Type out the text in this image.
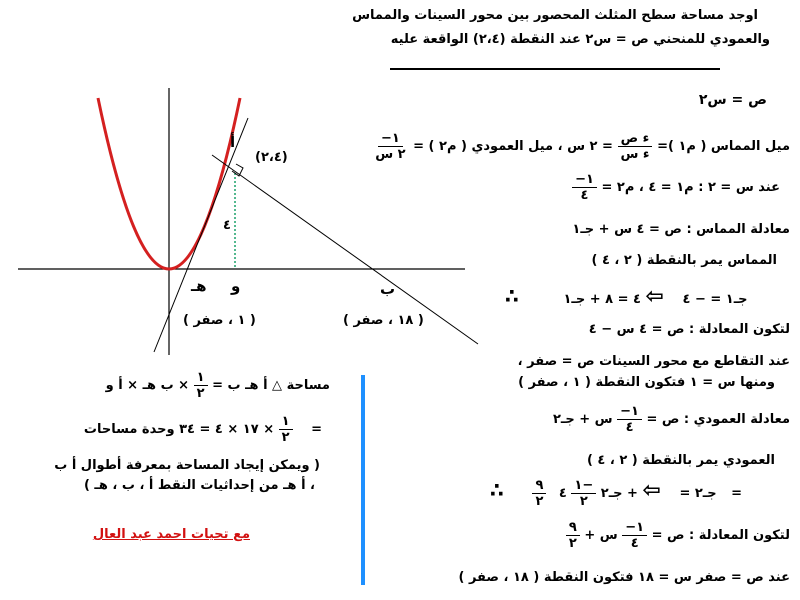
اوجد مساحة سطح المثلث المحصور بين محور السينات والمماس
والعمودي للمنحني ص = س٢ عند النقطة (٢،٤) الواقعة عليه
أ
(٢،٤)
٤
و
هـ	ب
( ١ ، صفر )	( ١٨ ، صفر )
ص = س٢
ميل المماس ( م١ )=
$\frac{\text{ء ص}}{\text{ء س}}$
= ٢ س ، ميل العمودي ( م٢ ) =
$\frac{١-}{\text{٢ س}}$
عند س = ٢ : م١ = ٤ ، م٢ =
$\frac{١-}{٤}$
معادلة المماس : ص = ٤ س + جـ١
المماس يمر بالنقطة ( ٢ ، ٤ )
∴	جـ١ = − ٤ ⇦ ٤ = ٨ + جـ١
لتكون المعادلة : ص = ٤ س − ٤
عند التقاطع مع محور السينات ص = صفر ،
ومنها س = ١ فتكون النقطة ( ١ ، صفر )
معادلة العمودي : ص =
$\frac{١-}{٤}$
س + جـ٢
العمودي يمر بالنقطة ( ٢ ، ٤ )
∴ $\frac{٩}{٢}$	جـ٢ = ⇦ + جـ٢
$\frac{١-}{٢}$
٤ =
لتكون المعادلة : ص =
$\frac{١-}{٤}$
س +
$\frac{٩}{٢}$
عند ص = صفر س = ١٨ فتكون النقطة ( ١٨ ، صفر )
مساحة △ أ هـ ب =
$\frac{١}{٢}$
× ب هـ × أ و
=
$\frac{١}{٢}$
× ١٧ × ٤ = ٣٤ وحدة مساحات
( ويمكن إيجاد المساحة بمعرفة أطوال أ ب
، أ هـ من إحداثيات النقط أ ، ب ، هـ )
مع تحيات احمد عبد العال
